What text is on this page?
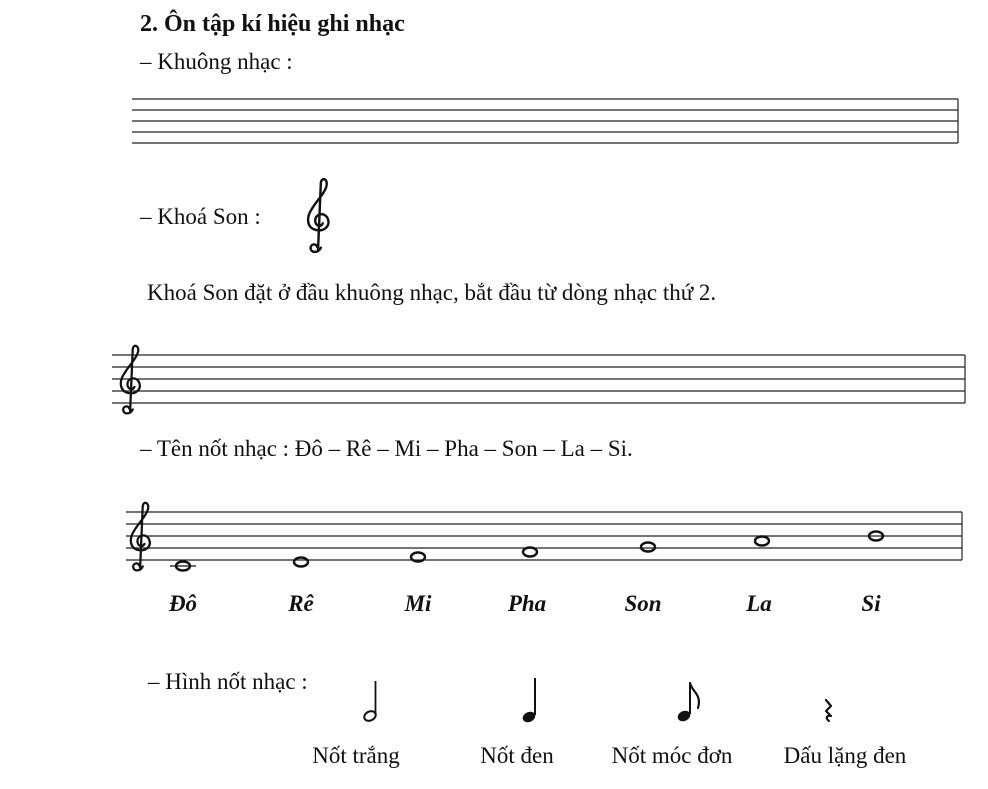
2. Ôn tập kí hiệu ghi nhạc
– Khuông nhạc :
– Khoá Son :
Khoá Son đặt ở đầu khuông nhạc, bắt đầu từ dòng nhạc thứ 2.
– Tên nốt nhạc : Đô – Rê – Mi – Pha – Son – La – Si.
– Hình nốt nhạc :
Đô	Rê	Mi	Pha	Son	La	Si
Nốt trắng	Nốt đen	Nốt móc đơn Dấu lặng đen
